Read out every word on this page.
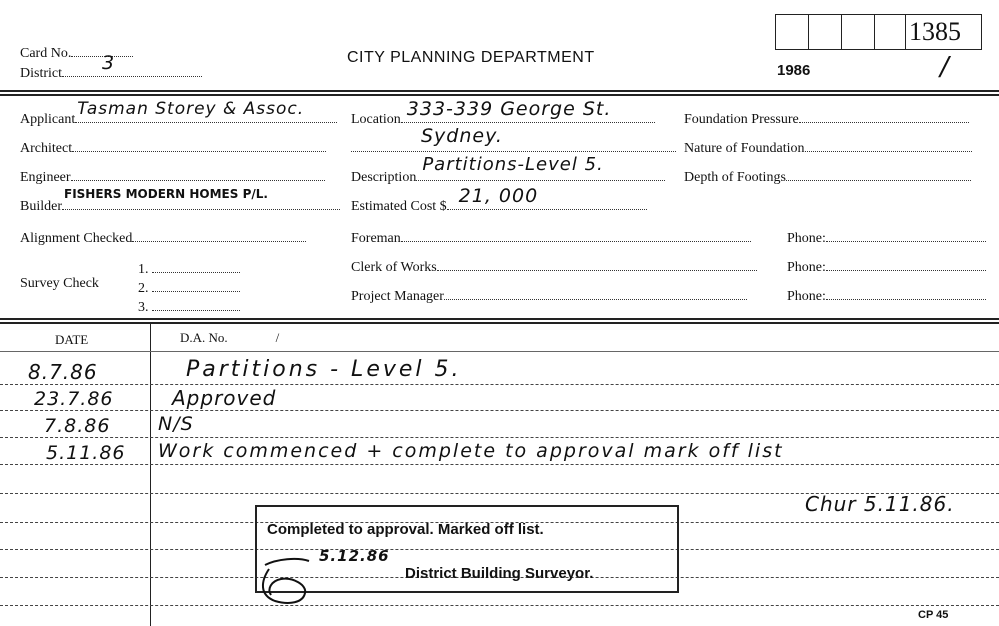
Card No.
District 3	CITY PLANNING DEPARTMENT
1986	/
1385
Applicant
Tasman Storey & Assoc.
Architect
Engineer
Builder
FISHERS MODERN HOMES P/L.
Alignment Checked
Survey Check
1.
2.
3.
Location 333-339 George St.
Sydney.
Description
Partitions-Level 5.
Estimated Cost $ 21, 000
Foreman
Clerk of Works
Project Manager
Foundation Pressure
Nature of Foundation
Depth of Footings
Phone:
Phone:
Phone:
DATE	D.A. No.	/
8.7.86	Partitions - Level 5.
23.7.86	Approved
7.8.86	N/S
5.11.86 Work commenced + complete to approval mark off list
Chur 5.11.86.
Completed to approval. Marked off list.
District Building Surveyor.
5.12.86
CP 45
